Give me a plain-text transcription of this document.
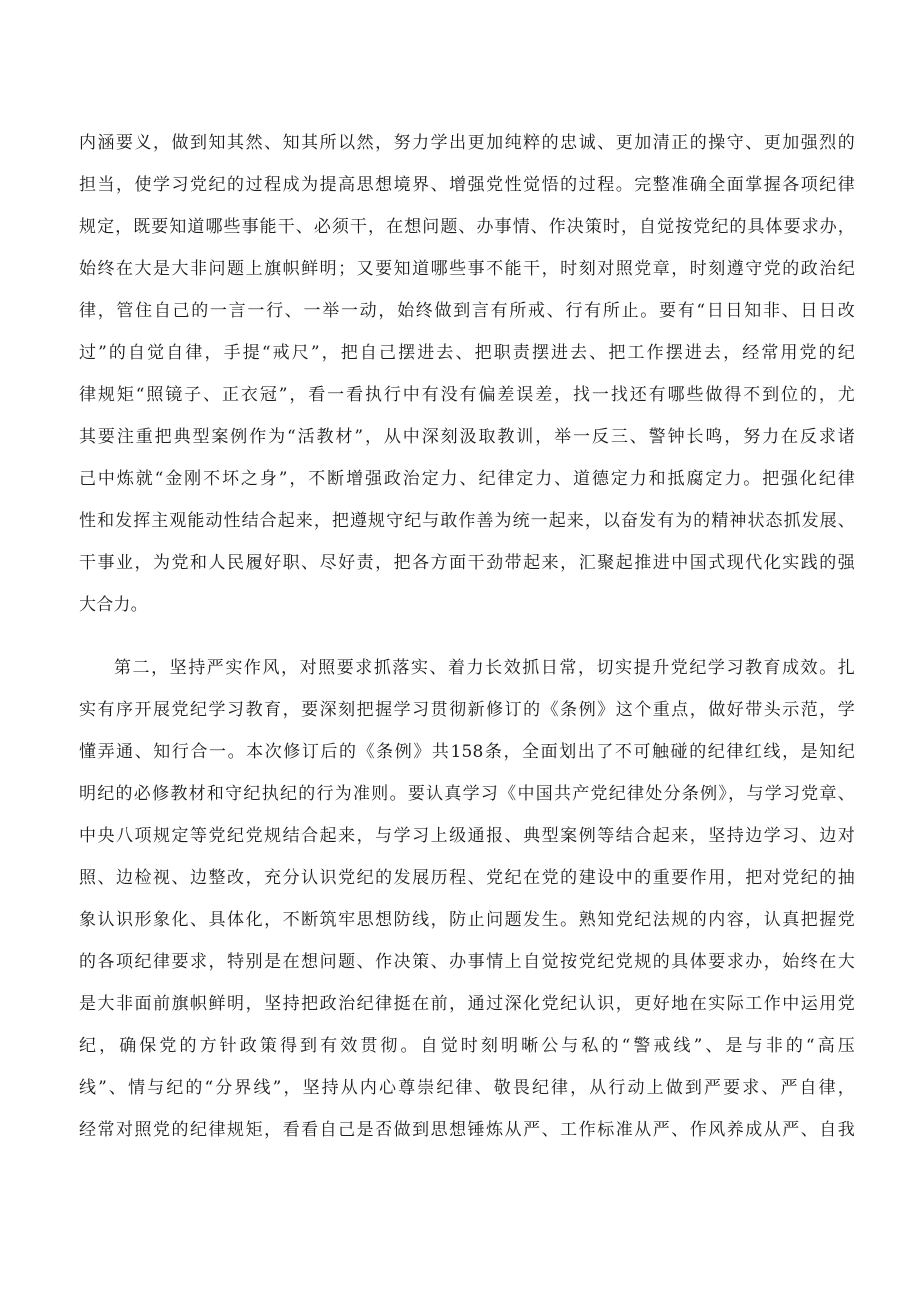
内涵要义，做到知其然、知其所以然，努力学出更加纯粹的忠诚、更加清正的操守、更加强烈的
担当，使学习党纪的过程成为提高思想境界、增强党性觉悟的过程。完整准确全面掌握各项纪律
规定，既要知道哪些事能干、必须干，在想问题、办事情、作决策时，自觉按党纪的具体要求办，
始终在大是大非问题上旗帜鲜明；又要知道哪些事不能干，时刻对照党章，时刻遵守党的政治纪
律，管住自己的一言一行、一举一动，始终做到言有所戒、行有所止。要有“日日知非、日日改
过”的自觉自律，手提“戒尺”，把自己摆进去、把职责摆进去、把工作摆进去，经常用党的纪
律规矩“照镜子、正衣冠”，看一看执行中有没有偏差误差，找一找还有哪些做得不到位的，尤
其要注重把典型案例作为“活教材”，从中深刻汲取教训，举一反三、警钟长鸣，努力在反求诸
己中炼就“金刚不坏之身”，不断增强政治定力、纪律定力、道德定力和抵腐定力。把强化纪律
性和发挥主观能动性结合起来，把遵规守纪与敢作善为统一起来，以奋发有为的精神状态抓发展、
干事业，为党和人民履好职、尽好责，把各方面干劲带起来，汇聚起推进中国式现代化实践的强
大合力。
第二，坚持严实作风，对照要求抓落实、着力长效抓日常，切实提升党纪学习教育成效。扎
实有序开展党纪学习教育，要深刻把握学习贯彻新修订的《条例》这个重点，做好带头示范，学
懂弄通、知行合一。本次修订后的《条例》共158条，全面划出了不可触碰的纪律红线，是知纪
明纪的必修教材和守纪执纪的行为准则。要认真学习《中国共产党纪律处分条例》，与学习党章、
中央八项规定等党纪党规结合起来，与学习上级通报、典型案例等结合起来，坚持边学习、边对
照、边检视、边整改，充分认识党纪的发展历程、党纪在党的建设中的重要作用，把对党纪的抽
象认识形象化、具体化，不断筑牢思想防线，防止问题发生。熟知党纪法规的内容，认真把握党
的各项纪律要求，特别是在想问题、作决策、办事情上自觉按党纪党规的具体要求办，始终在大
是大非面前旗帜鲜明，坚持把政治纪律挺在前，通过深化党纪认识，更好地在实际工作中运用党
纪，确保党的方针政策得到有效贯彻。自觉时刻明晰公与私的“警戒线”、是与非的“高压
线”、情与纪的“分界线”，坚持从内心尊崇纪律、敬畏纪律，从行动上做到严要求、严自律，
经常对照党的纪律规矩，看看自己是否做到思想锤炼从严、工作标准从严、作风养成从严、自我
